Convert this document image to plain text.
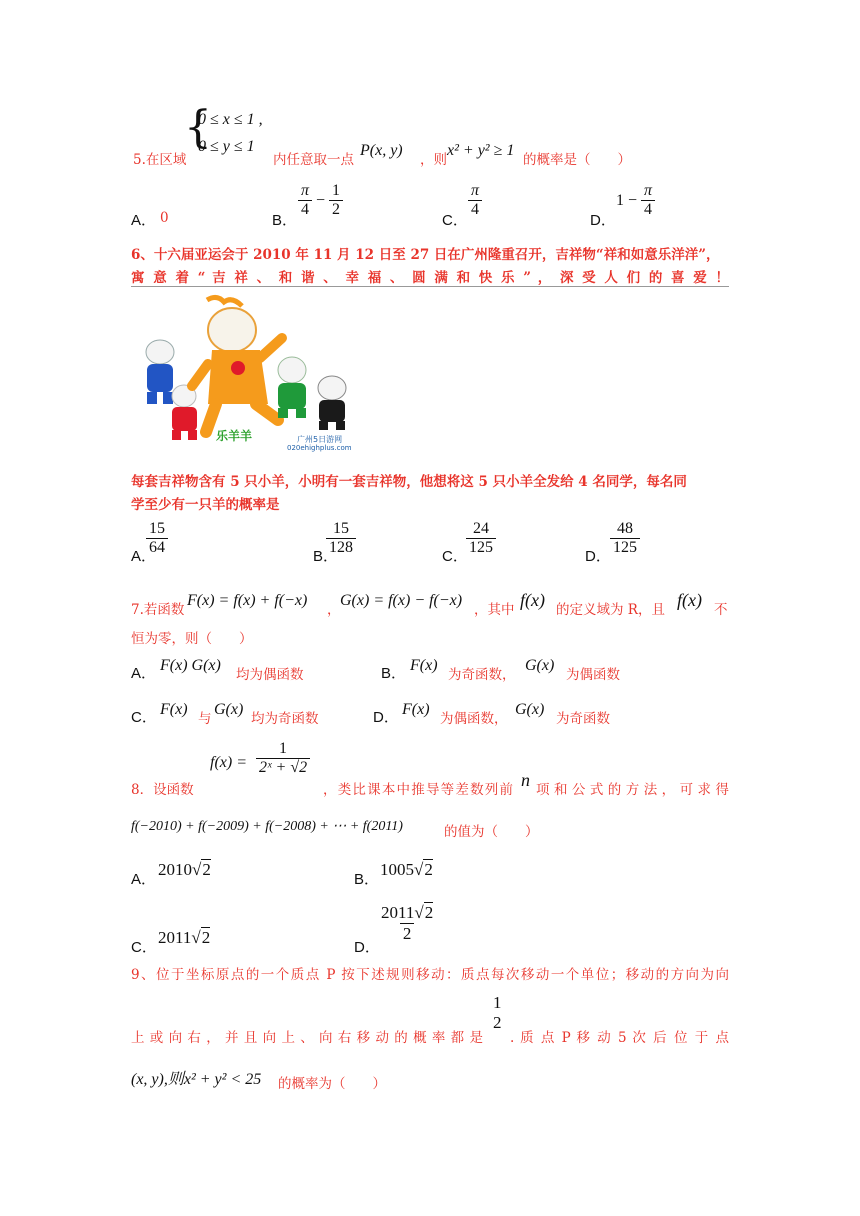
{
0 ≤ x ≤ 1 ,
0 ≤ y ≤ 1
5.在区域	内任意取一点
P(x, y)
，则
x² + y² ≥ 1
的概率是（　　）
A． 0	B．
$\frac{\pi}{4} - \frac{1}{2}$
C．
$\frac{\pi}{4}$
D．
$1 - \frac{\pi}{4}$
6、十六届亚运会于 2010 年 11 月 12 日至 27 日在广州隆重召开，吉祥物“祥和如意乐洋洋”，
寓 意 着 “ 吉 祥 、 和 谐 、 幸 福 、 圆 满 和 快 乐 ” ， 深 受 人 们 的 喜 爱 ！
乐羊羊	广州5日游网
020ehighplus.com
每套吉祥物含有 5 只小羊，小明有一套吉祥物，他想将这 5 只小羊全发给 4 名同学，每名同
学至少有一只羊的概率是
A．
$\frac{15}{64}$	B．
$\frac{15}{128}$	C．
$\frac{24}{125}$	D． $\frac{48}{125}$
7.若函数
F(x) = f(x) + f(−x)
，
G(x) = f(x) − f(−x)
，其中 f(x) 的定义域为 R，且 f(x) 不
恒为零，则（　　）
A． F(x) G(x)
均为偶函数	B． F(x)
为奇函数，
G(x)
为偶函数
C． F(x)
与
G(x)
均为奇函数	D． F(x)
为偶函数，
G(x)
为奇函数
$f(x) = \frac{1}{\text{2ˣ + √2}}$
8．设函数	，类比课本中推导等差数列前 n 项和公式的方法，可求得
f(−2010) + f(−2009) + f(−2008) + ⋯ + f(2011)	的值为（　　）
A．
2010√2
B．
1005√2
C．
2011√2
D．
$\frac{2011√2}{2}$
9、位于坐标原点的一个质点 P 按下述规则移动：质点每次移动一个单位；移动的方向为向
上 或 向 右 ， 并 且 向 上 、 向 右 移 动 的 概 率 都 是
1
2
. 质 点 P 移 动 5 次 后 位 于 点
(x, y),则x² + y² < 25 的概率为（　　）
